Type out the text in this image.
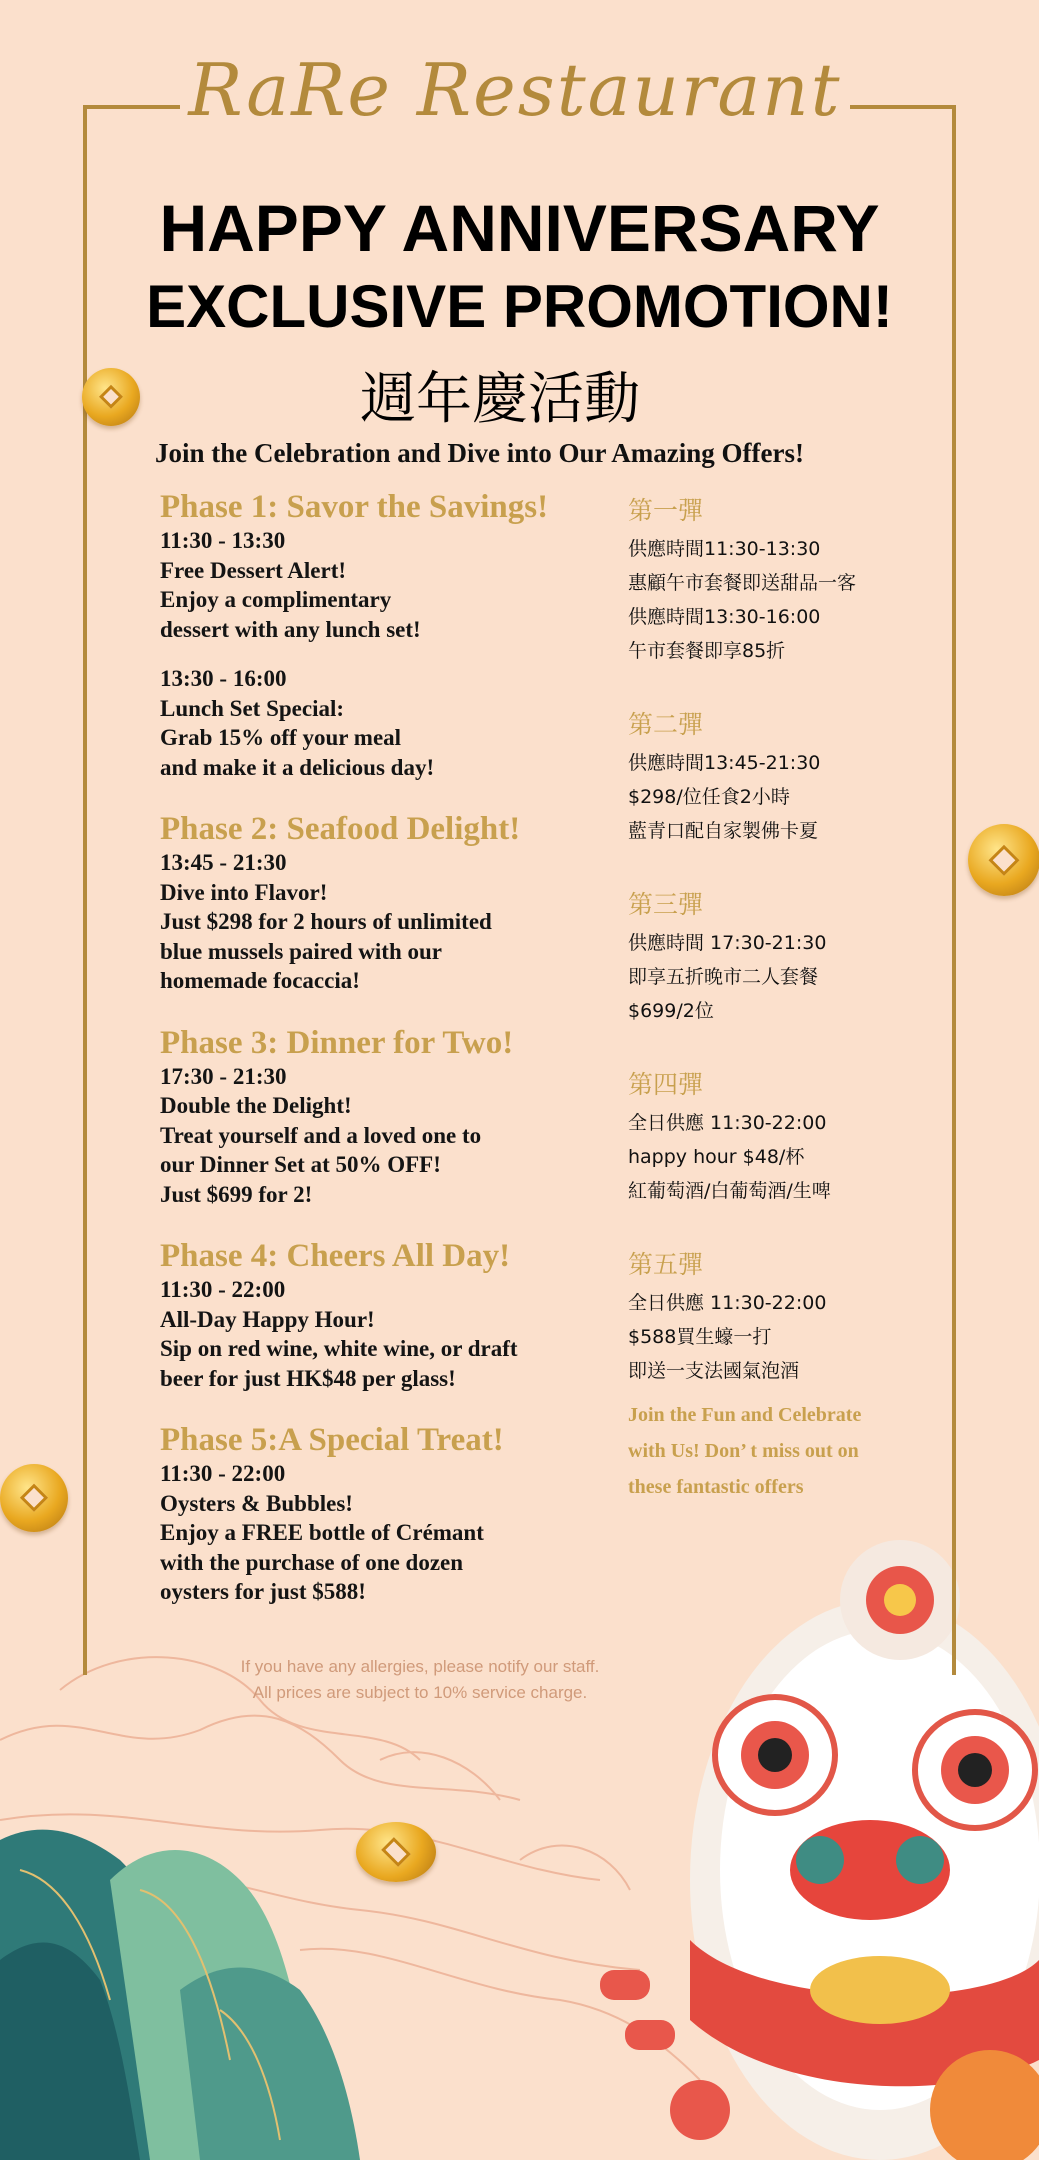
RaRe Restaurant
HAPPY ANNIVERSARY
EXCLUSIVE PROMOTION!
週年慶活動
Join the Celebration and Dive into Our Amazing Offers!
Phase 1: Savor the Savings!
11:30 - 13:30
Free Dessert Alert!
Enjoy a complimentary
dessert with any lunch set!
13:30 - 16:00
Lunch Set Special:
Grab 15% off your meal
and make it a delicious day!
Phase 2: Seafood Delight!
13:45 - 21:30
Dive into Flavor!
Just $298 for 2 hours of unlimited
blue mussels paired with our
homemade focaccia!
Phase 3: Dinner for Two!
17:30 - 21:30
Double the Delight!
Treat yourself and a loved one to
our Dinner Set at 50% OFF!
Just $699 for 2!
Phase 4: Cheers All Day!
11:30 - 22:00
All-Day Happy Hour!
Sip on red wine, white wine, or draft
beer for just HK$48 per glass!
Phase 5:A Special Treat!
11:30 - 22:00
Oysters & Bubbles!
Enjoy a FREE bottle of Crémant
with the purchase of one dozen
oysters for just $588!
第一彈
供應時間11:30-13:30
惠顧午市套餐即送甜品一客
供應時間13:30-16:00
午市套餐即享85折
第二彈
供應時間13:45-21:30
$298/位任食2小時
藍青口配自家製佛卡夏
第三彈
供應時間 17:30-21:30
即享五折晚市二人套餐
$699/2位
第四彈
全日供應 11:30-22:00
happy hour $48/杯
紅葡萄酒/白葡萄酒/生啤
第五彈
全日供應 11:30-22:00
$588買生蠔一打
即送一支法國氣泡酒
Join the Fun and Celebrate
with Us! Don’ t miss out on
these fantastic offers
If you have any allergies, please notify our staff.
All prices are subject to 10% service charge.
